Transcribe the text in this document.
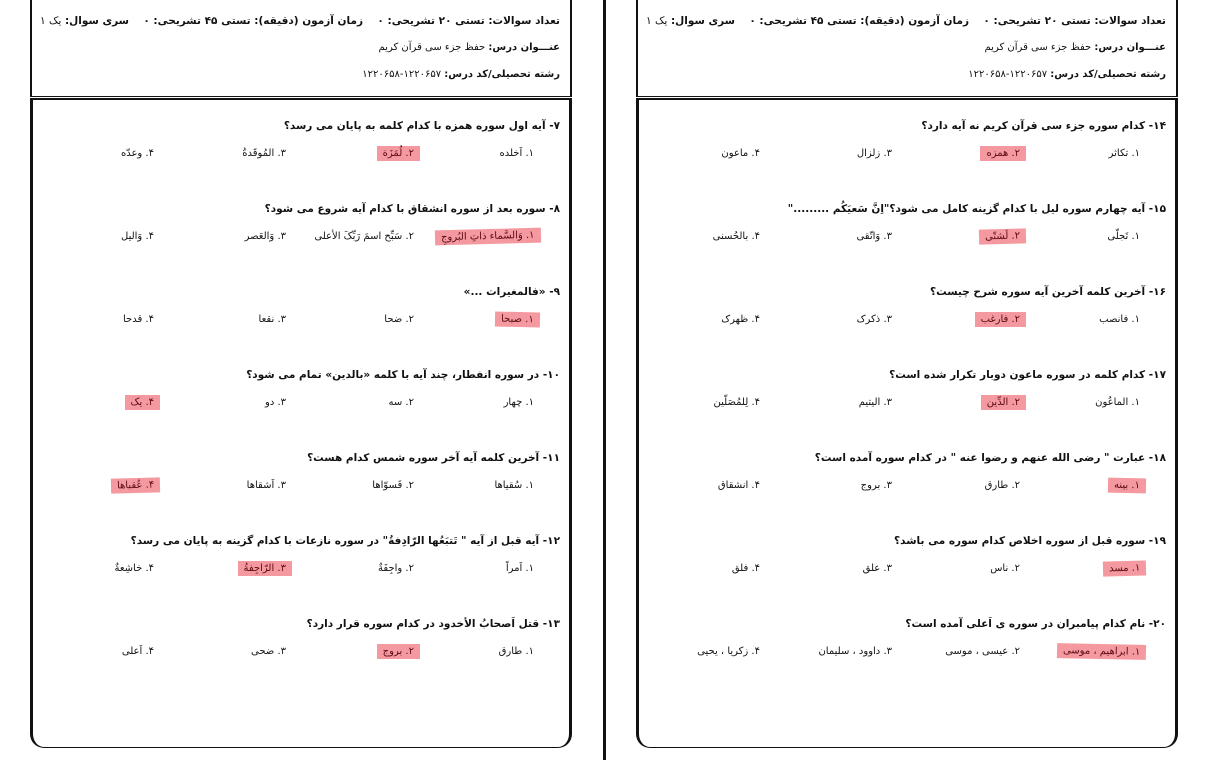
تعداد سوالات: تستی ۲۰ تشریحی: ۰
زمان آزمون (دقیقه): تستی ۴۵ تشریحی: ۰
سری سوال: یک ۱
عنـــوان درس: حفظ جزء سی قرآن کریم
رشته تحصیلی/کد درس: ۱۲۲۰۶۵۷-۱۲۲۰۶۵۸
۷- آیه اول سوره همزه با کدام کلمه به پایان می رسد؟
۱. اَخلده
۲. لُمَزَة
۳. المُوقَدةُ
۴. وعدّه
۸- سوره بعد از سوره انشقاق با کدام آیه شروع می شود؟
۱. وَالسَّماء ذاتِ البُروجِ
۲. سَبِّح اسمَ رَبِّکَ الأعلی
۳. وَالعَصر
۴. وَالیل
۹- «فالمغیرات ...»
۱. صبحا
۲. ضحا
۳. نقعا
۴. قدحا
۱۰- در سوره انفطار، چند آیه با کلمه «بالدین» تمام می شود؟
۱. چهار
۲. سه
۳. دو
۴. یک
۱۱- آخرین کلمه آیه آخر سوره شمس کدام هست؟
۱. سُقیاها
۲. فَسوّاها
۳. اَشقاها
۴. عُقباها
۱۲- آیه قبل از آیه " تَتبَعُها الرّادِفةُ" در سوره نازعات با کدام گزینه به پایان می رسد؟
۱. اَمراً
۲. واجِفَةٌ
۳. الرّاجِفةُ
۴. خاشِعةٌ
۱۳- قتل اَصحابُ الأخدود در کدام سوره قرار دارد؟
۱. طارق
۲. بروج
۳. ضحی
۴. اَعلی
تعداد سوالات: تستی ۲۰ تشریحی: ۰
زمان آزمون (دقیقه): تستی ۴۵ تشریحی: ۰
سری سوال: یک ۱
عنـــوان درس: حفظ جزء سی قرآن کریم
رشته تحصیلی/کد درس: ۱۲۲۰۶۵۷-۱۲۲۰۶۵۸
۱۴- کدام سوره جزء سی قرآن کریم نه آیه دارد؟
۱. تکاثر
۲. همزه
۳. زلزال
۴. ماعون
۱۵- آیه چهارم سوره لیل با کدام گزینه کامل می شود؟"اِنَّ سَعیَکُم ........."
۱. تَجلّی
۲. لَشتّی
۳. وَاتّقی
۴. بالحُسنی
۱۶- آخرین کلمه آخرین آیه سوره شرح چیست؟
۱. فانصب
۲. فارغب
۳. ذکرک
۴. ظهرک
۱۷- کدام کلمه در سوره ماعون دوبار تکرار شده است؟
۱. الماعُون
۲. الدِّین
۳. الیتیم
۴. لِلمُصَلّین
۱۸- عبارت " رضی الله عنهم و رضوا عنه " در کدام سوره آمده است؟
۱. بینه
۲. طارق
۳. بروج
۴. انشقاق
۱۹- سوره قبل از سوره اخلاص کدام سوره می باشد؟
۱. مسد
۲. ناس
۳. علق
۴. فلق
۲۰- نام کدام پیامبران در سوره ی اَعلی آمده است؟
۱. ابراهیم ، موسی
۲. عیسی ، موسی
۳. داوود ، سلیمان
۴. زکریا ، یحیی
